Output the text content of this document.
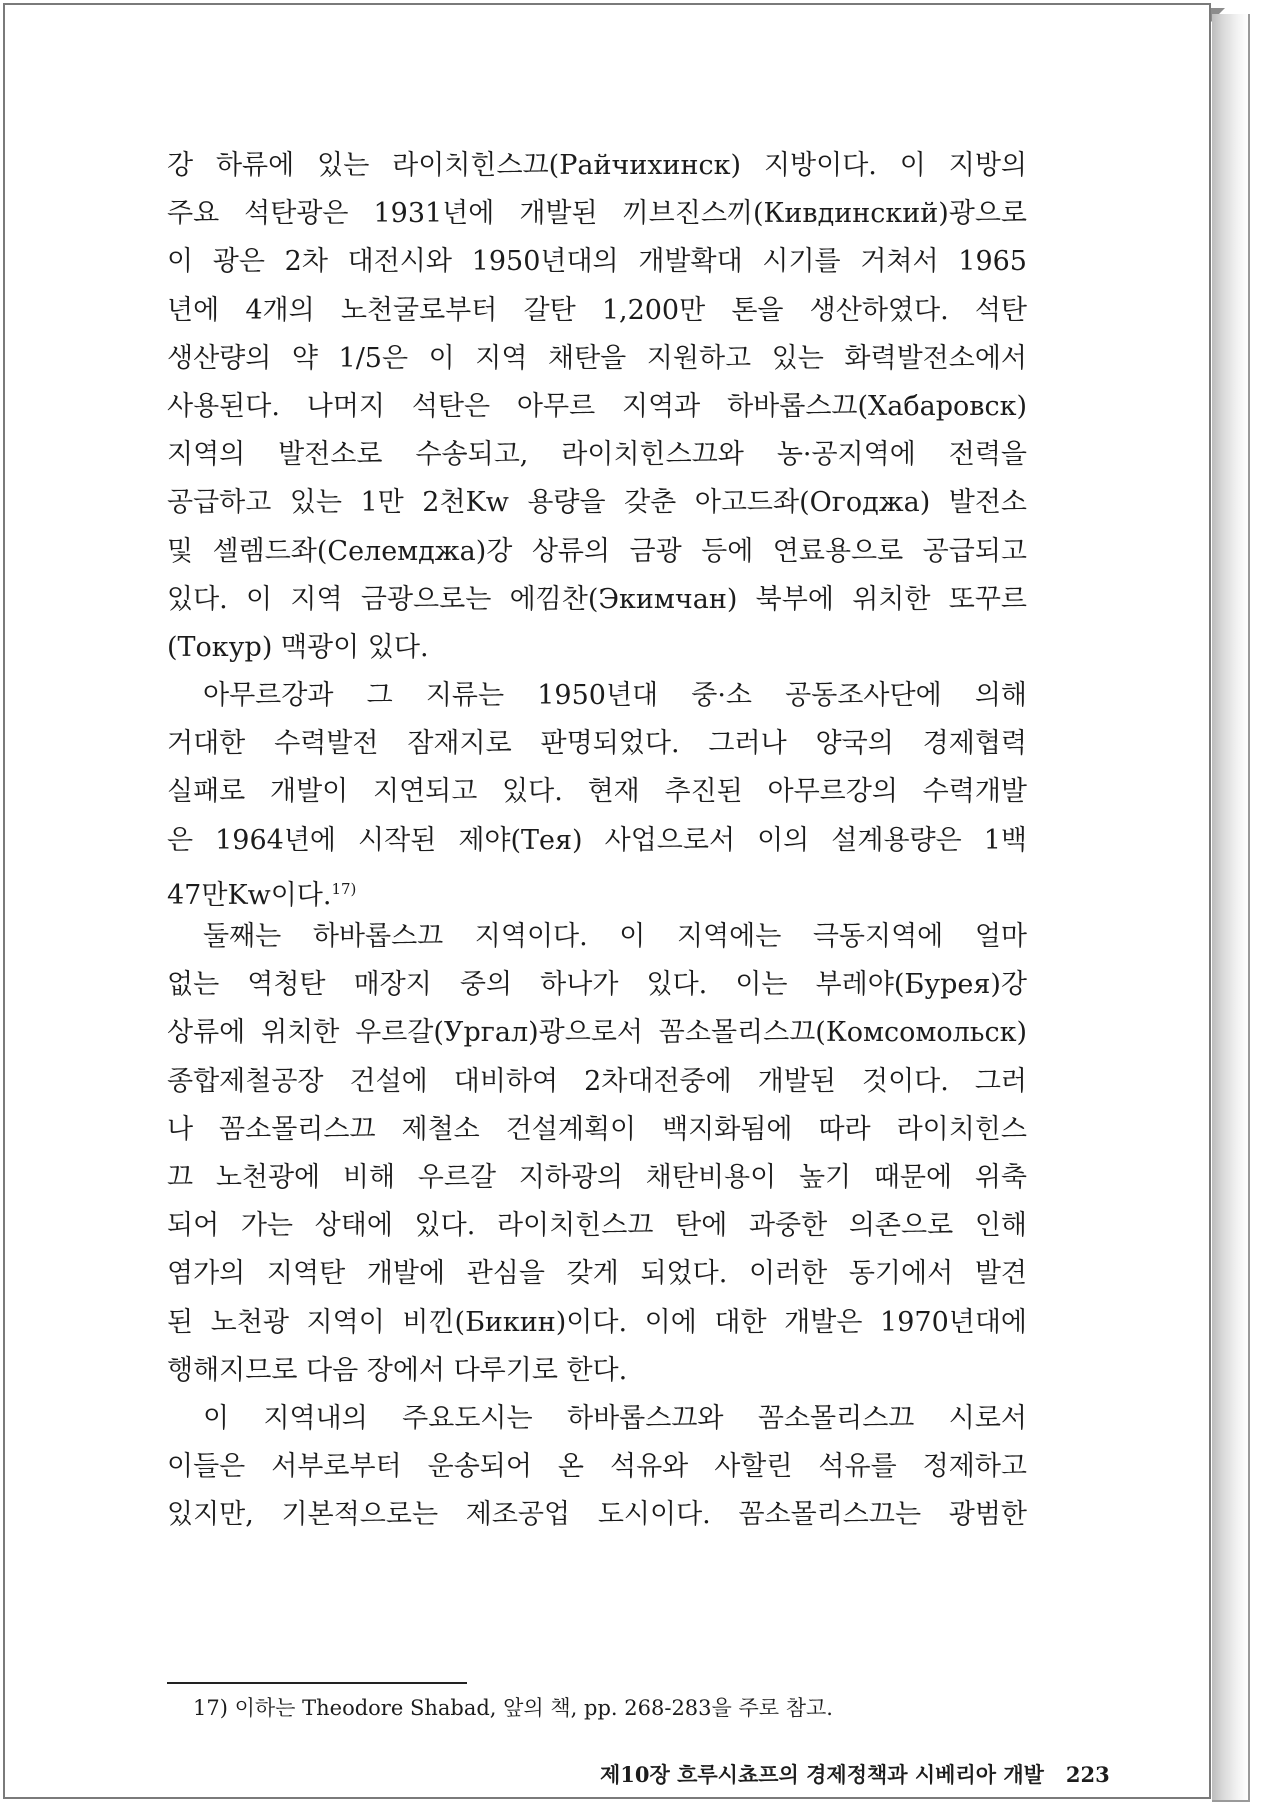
강 하류에 있는 라이치힌스끄(Райчихинск) 지방이다. 이 지방의
주요 석탄광은 1931년에 개발된 끼브진스끼(Кивдинский)광으로
이 광은 2차 대전시와 1950년대의 개발확대 시기를 거쳐서 1965
년에 4개의 노천굴로부터 갈탄 1,200만 톤을 생산하였다. 석탄
생산량의 약 1/5은 이 지역 채탄을 지원하고 있는 화력발전소에서
사용된다. 나머지 석탄은 아무르 지역과 하바롭스끄(Хабаровск)
지역의 발전소로 수송되고, 라이치힌스끄와 농·공지역에 전력을
공급하고 있는 1만 2천Kw 용량을 갖춘 아고드좌(Огоджа) 발전소
및 셀렘드좌(Селемджа)강 상류의 금광 등에 연료용으로 공급되고
있다. 이 지역 금광으로는 에낌찬(Экимчан) 북부에 위치한 또꾸르
(Токур) 맥광이 있다.
아무르강과 그 지류는 1950년대 중·소 공동조사단에 의해
거대한 수력발전 잠재지로 판명되었다. 그러나 양국의 경제협력
실패로 개발이 지연되고 있다. 현재 추진된 아무르강의 수력개발
은 1964년에 시작된 제야(Тея) 사업으로서 이의 설계용량은 1백
47만Kw이다.$^{17)}$
둘째는 하바롭스끄 지역이다. 이 지역에는 극동지역에 얼마
없는 역청탄 매장지 중의 하나가 있다. 이는 부레야(Бурея)강
상류에 위치한 우르갈(Ургал)광으로서 꼼소몰리스끄(Комсомольск)
종합제철공장 건설에 대비하여 2차대전중에 개발된 것이다. 그러
나 꼼소몰리스끄 제철소 건설계획이 백지화됨에 따라 라이치힌스
끄 노천광에 비해 우르갈 지하광의 채탄비용이 높기 때문에 위축
되어 가는 상태에 있다. 라이치힌스끄 탄에 과중한 의존으로 인해
염가의 지역탄 개발에 관심을 갖게 되었다. 이러한 동기에서 발견
된 노천광 지역이 비낀(Бикин)이다. 이에 대한 개발은 1970년대에
행해지므로 다음 장에서 다루기로 한다.
이 지역내의 주요도시는 하바롭스끄와 꼼소몰리스끄 시로서
이들은 서부로부터 운송되어 온 석유와 사할린 석유를 정제하고
있지만, 기본적으로는 제조공업 도시이다. 꼼소몰리스끄는 광범한
17) 이하는 Theodore Shabad, 앞의 책, pp. 268-283을 주로 참고.
제10장 흐루시쵸프의 경제정책과 시베리아 개발 223
